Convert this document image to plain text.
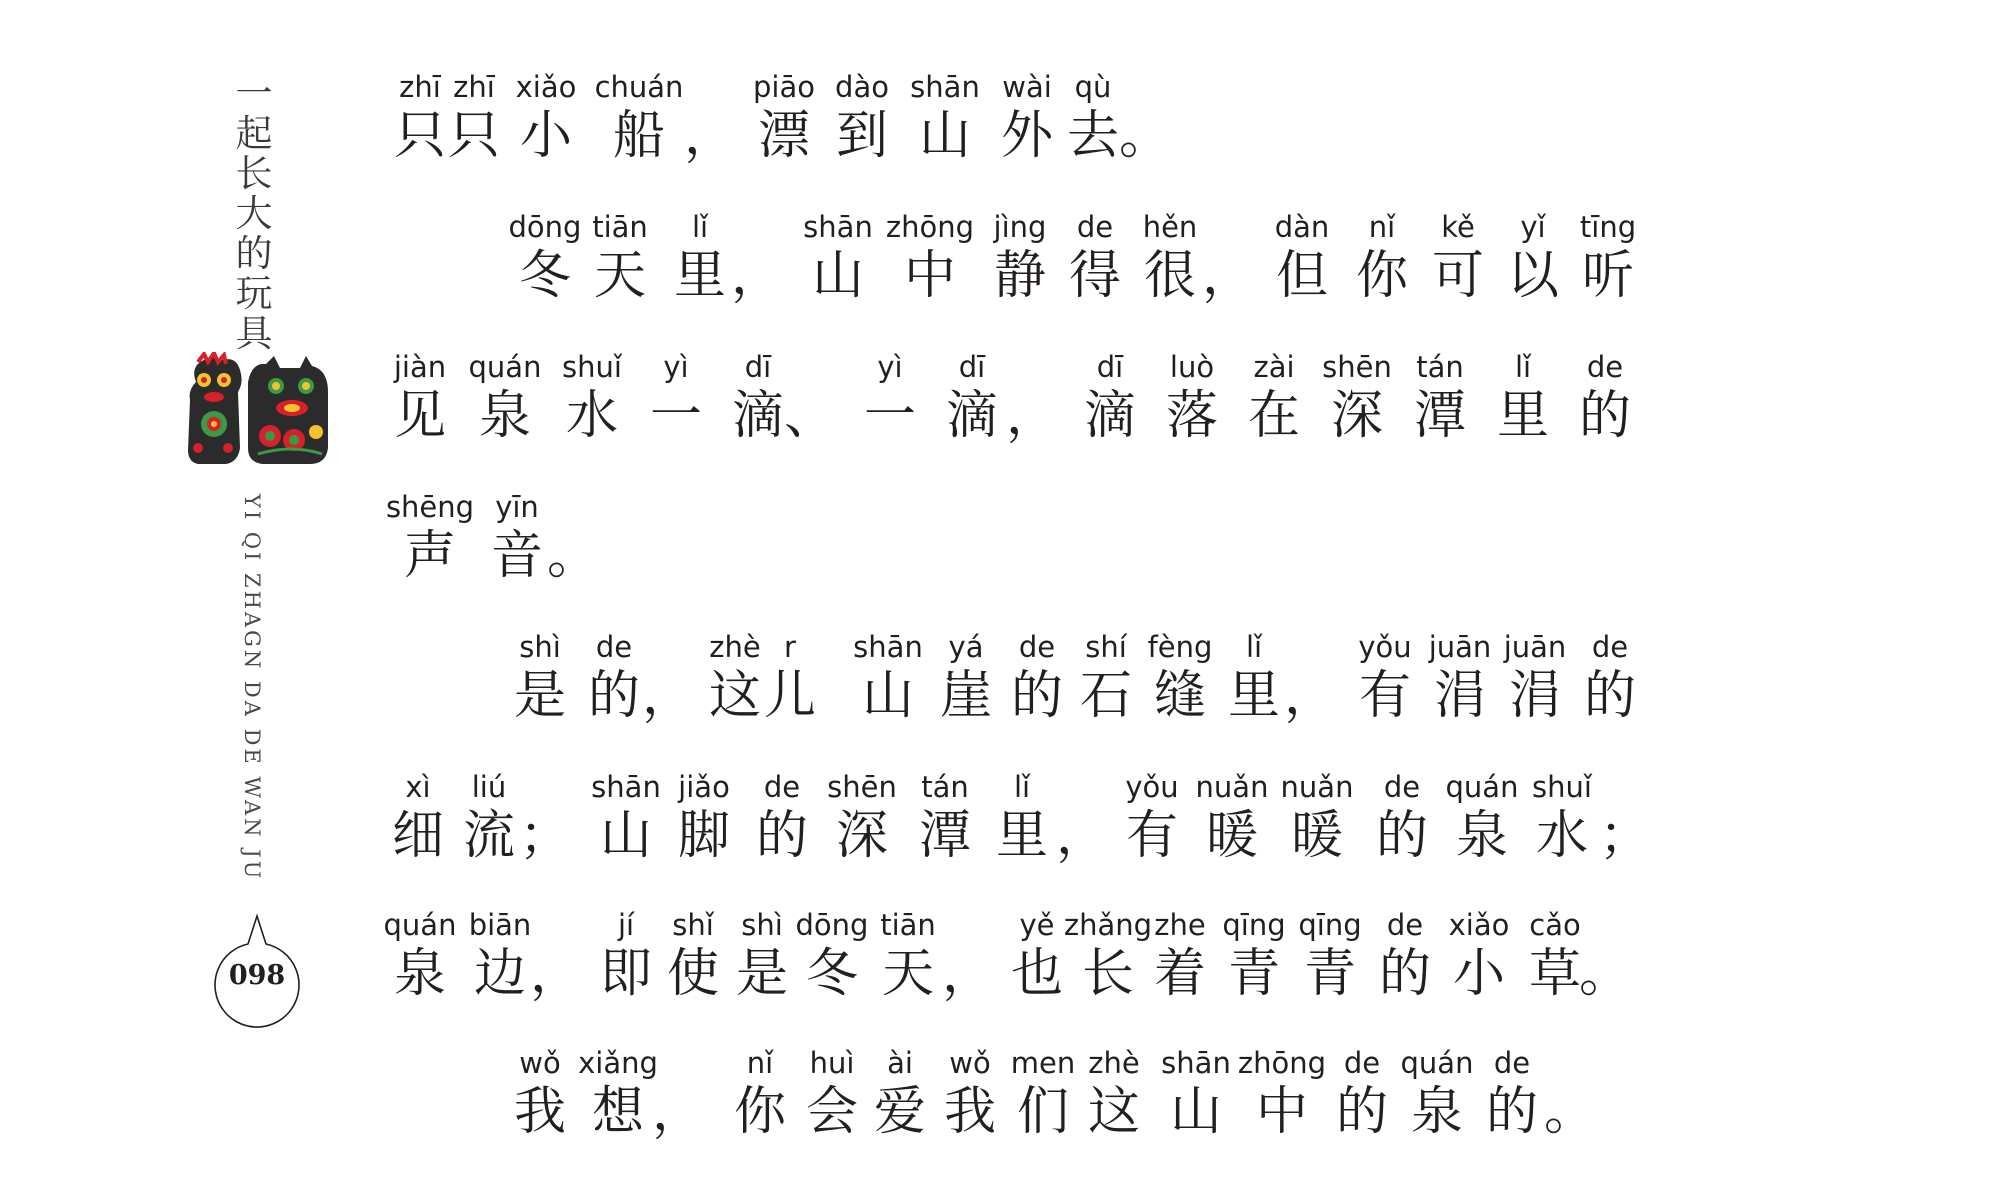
一起长大的玩具
YI QI ZHAGN DA DE WAN JU
098
zhī
只
zhī
只
xiǎo
小
chuán
船 ，
piāo
漂
dào
到
shān
山
wài
外
qù
去 。
dōng
冬
tiān
天
lǐ
里 ，
shān
山
zhōng
中
jìng
静
de
得
hěn
很 ，
dàn
但
nǐ
你
kě
可
yǐ
以
tīng
听
jiàn
见
quán
泉
shuǐ
水
yì
一
dī
滴 、
yì
一
dī
滴 ，
dī
滴
luò
落
zài
在
shēn
深
tán
潭
lǐ
里
de
的
shēng
声
yīn
音 。
shì
是
de
的 ，
zhè
这
r
儿
shān
山
yá
崖
de
的
shí
石
fèng
缝
lǐ
里 ，
yǒu
有
juān
涓
juān
涓
de
的
xì
细
liú
流 ；
shān
山
jiǎo
脚
de
的
shēn
深
tán
潭
lǐ
里 ，
yǒu
有
nuǎn
暖
nuǎn
暖
de
的
quán
泉
shuǐ
水 ；
quán
泉
biān
边 ，
jí
即
shǐ
使
shì
是
dōng
冬
tiān
天 ，
yě
也
zhǎng
长
zhe
着
qīng
青
qīng
青
de
的
xiǎo
小
cǎo
草
。
wǒ
我
xiǎng
想 ，
nǐ
你
huì
会
ài
爱
wǒ
我
men
们
zhè
这
shān
山
zhōng
中
de
的
quán
泉
de
的 。
